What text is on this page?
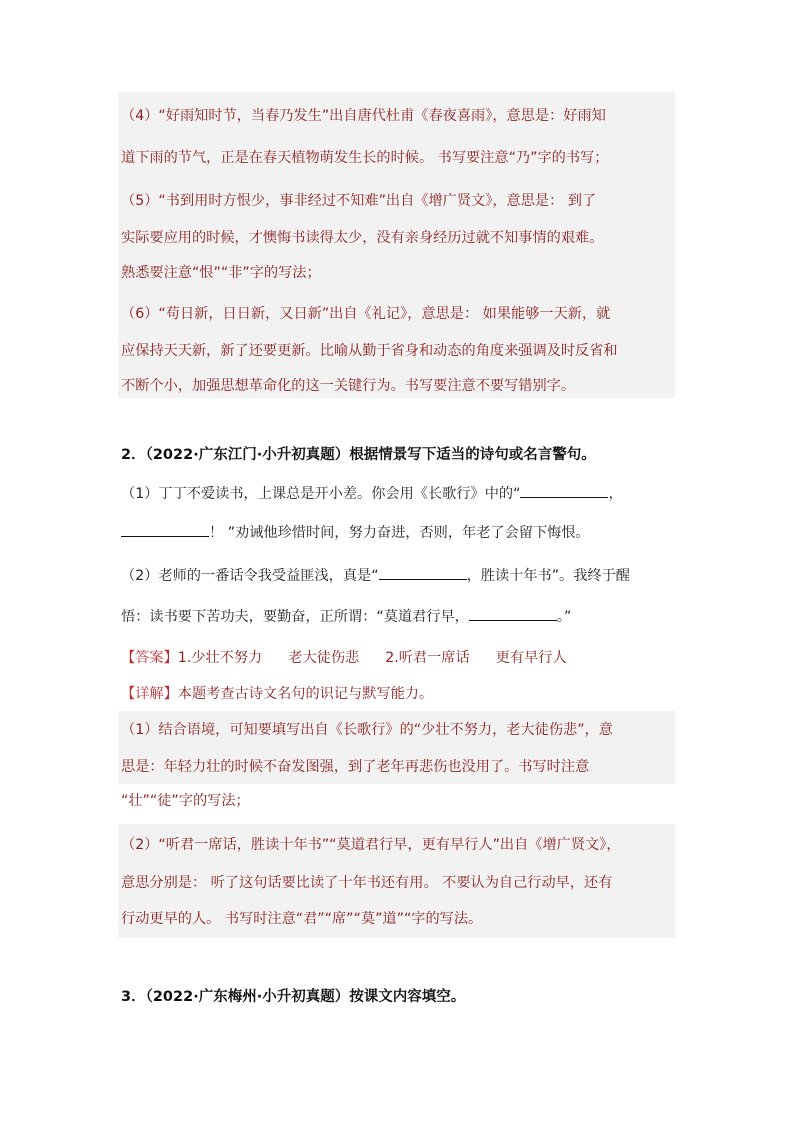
（4）“好雨知时节，当春乃发生”出自唐代杜甫《春夜喜雨》，意思是：好雨知
道下雨的节气，正是在春天植物萌发生长的时候。 书写要注意“乃”字的书写；
（5）“书到用时方恨少，事非经过不知难”出自《增广贤文》，意思是： 到了
实际要应用的时候，才懊悔书读得太少，没有亲身经历过就不知事情的艰难。
熟悉要注意“恨”“非”字的写法；
（6）“苟日新，日日新，又日新”出自《礼记》，意思是： 如果能够一天新，就
应保持天天新，新了还要更新。比喻从勤于省身和动态的角度来强调及时反省和
不断个小，加强思想革命化的这一关键行为。书写要注意不要写错别字。
2．（2022·广东江门·小升初真题）根据情景写下适当的诗句或名言警句。
（1）丁丁不爱读书，上课总是开小差。你会用《长歌行》中的“	，
！ ”劝诫他珍惜时间，努力奋进，否则，年老了会留下悔恨。
（2）老师的一番话令我受益匪浅，真是“	，胜读十年书”。我终于醒
悟：读书要下苦功夫，要勤奋，正所谓：“莫道君行早，	。”
【答案】1.少壮不努力 老大徒伤悲 2.听君一席话 更有早行人
【详解】本题考查古诗文名句的识记与默写能力。
（1）结合语境，可知要填写出自《长歌行》的“少壮不努力，老大徒伤悲”，意
思是：年轻力壮的时候不奋发图强，到了老年再悲伤也没用了。书写时注意
“壮”“徒”字的写法；
（2）“听君一席话，胜读十年书”“莫道君行早，更有早行人”出自《增广贤文》，
意思分别是： 听了这句话要比读了十年书还有用。 不要认为自己行动早，还有
行动更早的人。 书写时注意“君”“席”“莫”道”“字的写法。
3．（2022·广东梅州·小升初真题）按课文内容填空。
